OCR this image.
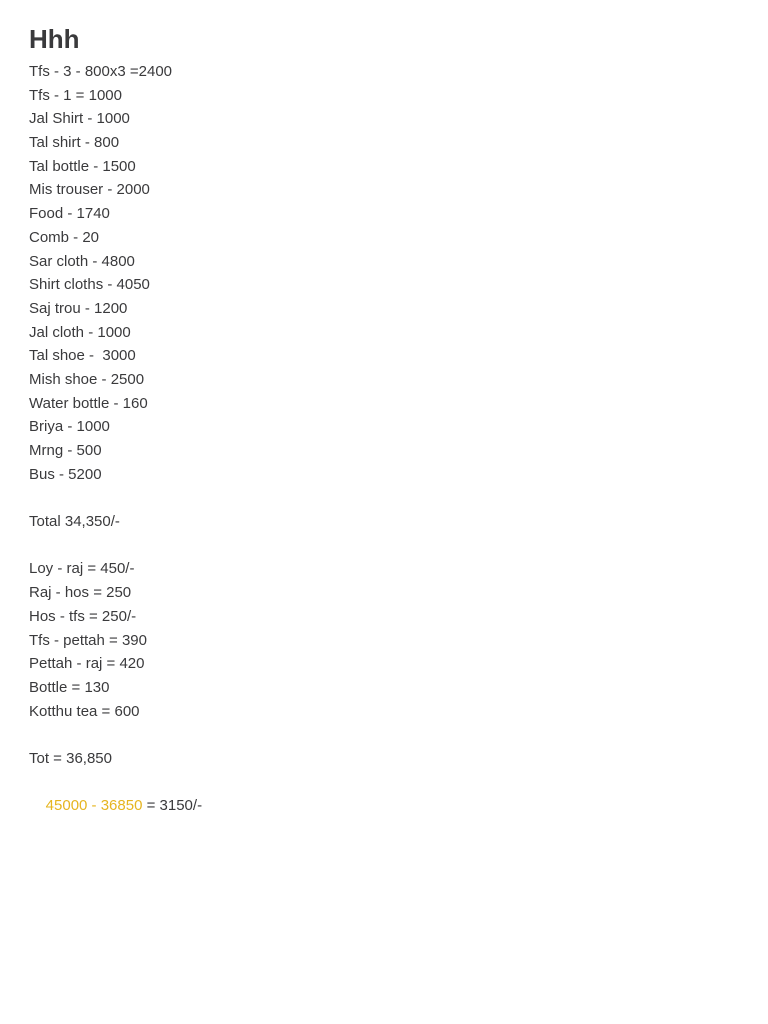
Hhh
Tfs - 3 - 800x3 =2400
Tfs - 1 = 1000
Jal Shirt - 1000
Tal shirt - 800
Tal bottle - 1500
Mis trouser - 2000
Food - 1740
Comb - 20
Sar cloth - 4800
Shirt cloths - 4050
Saj trou - 1200
Jal cloth - 1000
Tal shoe -  3000
Mish shoe - 2500
Water bottle - 160
Briya - 1000
Mrng - 500
Bus - 5200
Total 34,350/-
Loy - raj = 450/-
Raj - hos = 250
Hos - tfs = 250/-
Tfs - pettah = 390
Pettah - raj = 420
Bottle = 130
Kotthu tea = 600
Tot = 36,850

45000 - 36850 = 3150/-
